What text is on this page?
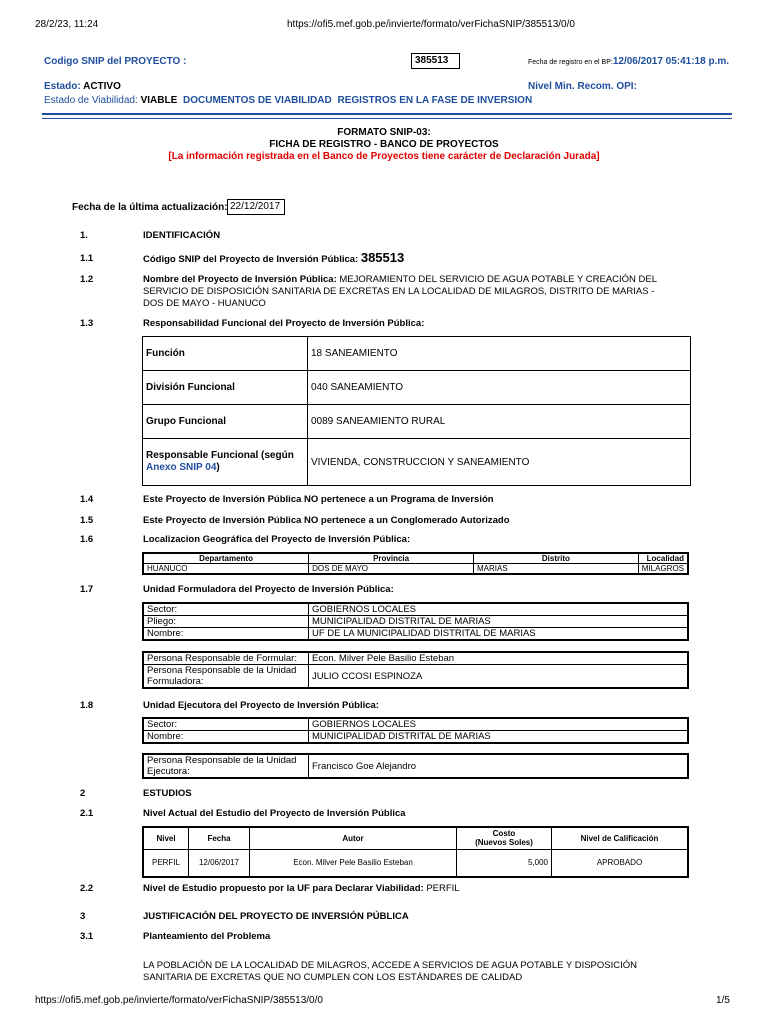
28/2/23, 11:24	https://ofi5.mef.gob.pe/invierte/formato/verFichaSNIP/385513/0/0
https://ofi5.mef.gob.pe/invierte/formato/verFichaSNIP/385513/0/0	1/5
Codigo SNIP del PROYECTO :	385513	Fecha de registro en el BP:12/06/2017 05:41:18 p.m.
Estado: ACTIVO	Nivel Min. Recom. OPI:
Estado de Viabilidad: VIABLE DOCUMENTOS DE VIABILIDAD REGISTROS EN LA FASE DE INVERSION
FORMATO SNIP-03:
FICHA DE REGISTRO - BANCO DE PROYECTOS
[La información registrada en el Banco de Proyectos tiene carácter de Declaración Jurada]
Fecha de la última actualización: 22/12/2017
1.	IDENTIFICACIÓN
1.1	Código SNIP del Proyecto de Inversión Pública: 385513
1.2	Nombre del Proyecto de Inversión Pública: MEJORAMIENTO DEL SERVICIO DE AGUA POTABLE Y CREACIÓN DEL
SERVICIO DE DISPOSICIÓN SANITARIA DE EXCRETAS EN LA LOCALIDAD DE MILAGROS, DISTRITO DE MARIAS -
DOS DE MAYO - HUANUCO
1.3	Responsabilidad Funcional del Proyecto de Inversión Pública:
Función	18 SANEAMIENTO
División Funcional	040 SANEAMIENTO
Grupo Funcional	0089 SANEAMIENTO RURAL
Responsable Funcional (según
Anexo SNIP 04)	VIVIENDA, CONSTRUCCION Y SANEAMIENTO
1.4	Este Proyecto de Inversión Pública NO pertenece a un Programa de Inversión
1.5	Este Proyecto de Inversión Pública NO pertenece a un Conglomerado Autorizado
1.6	Localizacion Geográfica del Proyecto de Inversión Pública:
Departamento	Provincia	Distrito	Localidad
HUANUCO	DOS DE MAYO	MARIAS	MILAGROS
1.7	Unidad Formuladora del Proyecto de Inversión Pública:
Sector:	GOBIERNOS LOCALES
Pliego:	MUNICIPALIDAD DISTRITAL DE MARIAS
Nombre:	UF DE LA MUNICIPALIDAD DISTRITAL DE MARIAS
Persona Responsable de Formular:	Econ. Milver Pele Basilio Esteban
Persona Responsable de la Unidad
Formuladora:	JULIO CCOSI ESPINOZA
1.8	Unidad Ejecutora del Proyecto de Inversión Pública:
Sector:	GOBIERNOS LOCALES
Nombre:	MUNICIPALIDAD DISTRITAL DE MARIAS
Persona Responsable de la Unidad
Ejecutora:	Francisco Goe Alejandro
2	ESTUDIOS
2.1	Nivel Actual del Estudio del Proyecto de Inversión Pública
Nivel	Fecha	Autor	Costo
(Nuevos Soles)	Nivel de Calificación
PERFIL	12/06/2017	Econ. Milver Pele Basilio Esteban	5,000	APROBADO
2.2	Nivel de Estudio propuesto por la UF para Declarar Viabilidad: PERFIL
3	JUSTIFICACIÓN DEL PROYECTO DE INVERSIÓN PÚBLICA
3.1	Planteamiento del Problema
LA POBLACIÓN DE LA LOCALIDAD DE MILAGROS, ACCEDE A SERVICIOS DE AGUA POTABLE Y DISPOSICIÓN
SANITARIA DE EXCRETAS QUE NO CUMPLEN CON LOS ESTÁNDARES DE CALIDAD
